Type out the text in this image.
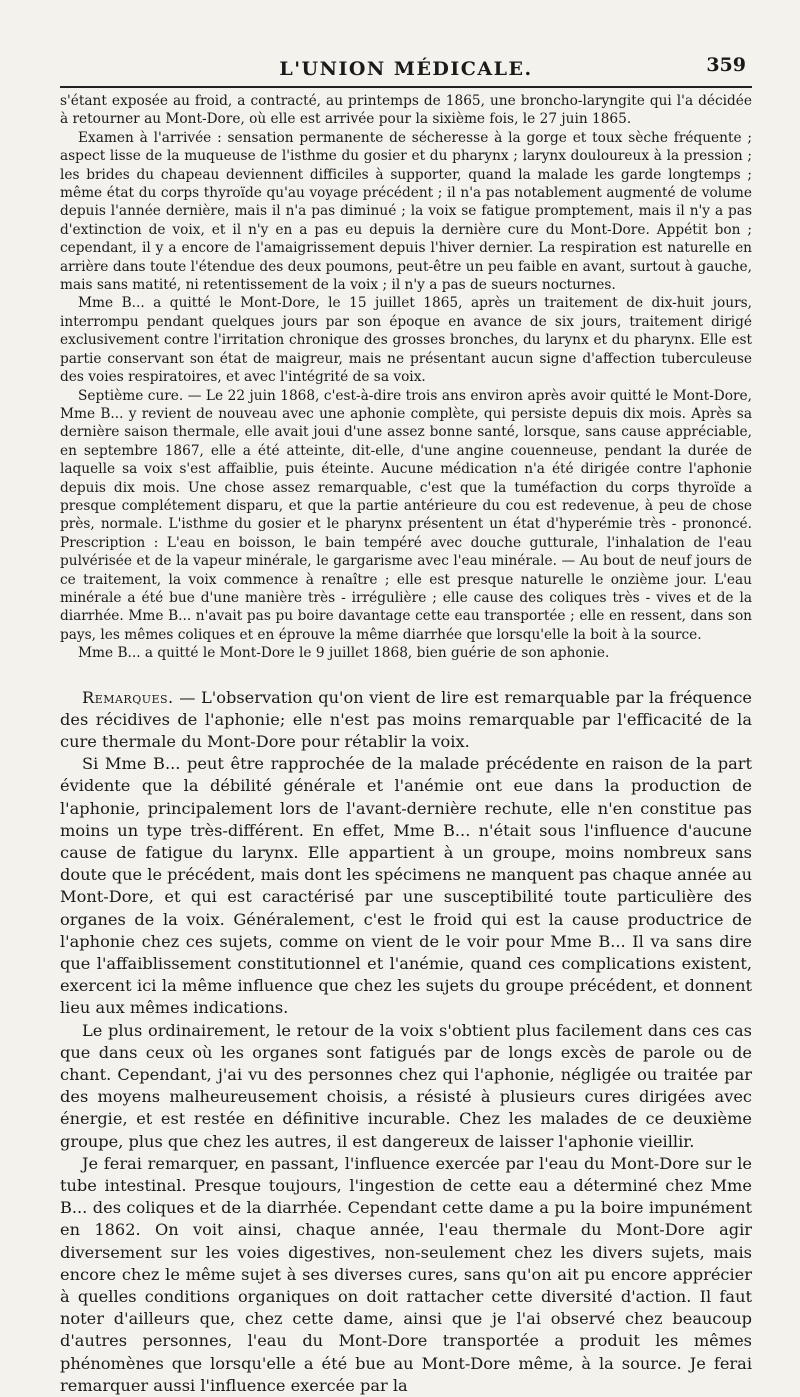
L'UNION MÉDICALE.	359

s'étant exposée au froid, a contracté, au printemps de 1865, une broncho-laryngite qui l'a décidée à retourner au Mont-Dore, où elle est arrivée pour la sixième fois, le 27 juin 1865.

Examen à l'arrivée : sensation permanente de sécheresse à la gorge et toux sèche fréquente ; aspect lisse de la muqueuse de l'isthme du gosier et du pharynx ; larynx douloureux à la pression ; les brides du chapeau deviennent difficiles à supporter, quand la malade les garde longtemps ; même état du corps thyroïde qu'au voyage précédent ; il n'a pas notablement augmenté de volume depuis l'année dernière, mais il n'a pas diminué ; la voix se fatigue promptement, mais il n'y a pas d'extinction de voix, et il n'y en a pas eu depuis la dernière cure du Mont-Dore. Appétit bon ; cependant, il y a encore de l'amaigrissement depuis l'hiver dernier. La respiration est naturelle en arrière dans toute l'étendue des deux poumons, peut-être un peu faible en avant, surtout à gauche, mais sans matité, ni retentissement de la voix ; il n'y a pas de sueurs nocturnes.

Mme B... a quitté le Mont-Dore, le 15 juillet 1865, après un traitement de dix-huit jours, interrompu pendant quelques jours par son époque en avance de six jours, traitement dirigé exclusivement contre l'irritation chronique des grosses bronches, du larynx et du pharynx. Elle est partie conservant son état de maigreur, mais ne présentant aucun signe d'affection tuberculeuse des voies respiratoires, et avec l'intégrité de sa voix.

Septième cure. — Le 22 juin 1868, c'est-à-dire trois ans environ après avoir quitté le Mont-Dore, Mme B... y revient de nouveau avec une aphonie complète, qui persiste depuis dix mois. Après sa dernière saison thermale, elle avait joui d'une assez bonne santé, lorsque, sans cause appréciable, en septembre 1867, elle a été atteinte, dit-elle, d'une angine couenneuse, pendant la durée de laquelle sa voix s'est affaiblie, puis éteinte. Aucune médication n'a été dirigée contre l'aphonie depuis dix mois. Une chose assez remarquable, c'est que la tuméfaction du corps thyroïde a presque complétement disparu, et que la partie antérieure du cou est redevenue, à peu de chose près, normale. L'isthme du gosier et le pharynx présentent un état d'hyperémie très - prononcé. Prescription : L'eau en boisson, le bain tempéré avec douche gutturale, l'inhalation de l'eau pulvérisée et de la vapeur minérale, le gargarisme avec l'eau minérale. — Au bout de neuf jours de ce traitement, la voix commence à renaître ; elle est presque naturelle le onzième jour. L'eau minérale a été bue d'une manière très - irrégulière ; elle cause des coliques très - vives et de la diarrhée. Mme B... n'avait pas pu boire davantage cette eau transportée ; elle en ressent, dans son pays, les mêmes coliques et en éprouve la même diarrhée que lorsqu'elle la boit à la source.

Mme B... a quitté le Mont-Dore le 9 juillet 1868, bien guérie de son aphonie.

Remarques. — L'observation qu'on vient de lire est remarquable par la fréquence des récidives de l'aphonie; elle n'est pas moins remarquable par l'efficacité de la cure thermale du Mont-Dore pour rétablir la voix.

Si Mme B... peut être rapprochée de la malade précédente en raison de la part évidente que la débilité générale et l'anémie ont eue dans la production de l'aphonie, principalement lors de l'avant-dernière rechute, elle n'en constitue pas moins un type très-différent. En effet, Mme B... n'était sous l'influence d'aucune cause de fatigue du larynx. Elle appartient à un groupe, moins nombreux sans doute que le précédent, mais dont les spécimens ne manquent pas chaque année au Mont-Dore, et qui est caractérisé par une susceptibilité toute particulière des organes de la voix. Généralement, c'est le froid qui est la cause productrice de l'aphonie chez ces sujets, comme on vient de le voir pour Mme B... Il va sans dire que l'affaiblissement constitutionnel et l'anémie, quand ces complications existent, exercent ici la même influence que chez les sujets du groupe précédent, et donnent lieu aux mêmes indications.

Le plus ordinairement, le retour de la voix s'obtient plus facilement dans ces cas que dans ceux où les organes sont fatigués par de longs excès de parole ou de chant. Cependant, j'ai vu des personnes chez qui l'aphonie, négligée ou traitée par des moyens malheureusement choisis, a résisté à plusieurs cures dirigées avec énergie, et est restée en définitive incurable. Chez les malades de ce deuxième groupe, plus que chez les autres, il est dangereux de laisser l'aphonie vieillir.

Je ferai remarquer, en passant, l'influence exercée par l'eau du Mont-Dore sur le tube intestinal. Presque toujours, l'ingestion de cette eau a déterminé chez Mme B... des coliques et de la diarrhée. Cependant cette dame a pu la boire impunément en 1862. On voit ainsi, chaque année, l'eau thermale du Mont-Dore agir diversement sur les voies digestives, non-seulement chez les divers sujets, mais encore chez le même sujet à ses diverses cures, sans qu'on ait pu encore apprécier à quelles conditions organiques on doit rattacher cette diversité d'action. Il faut noter d'ailleurs que, chez cette dame, ainsi que je l'ai observé chez beaucoup d'autres personnes, l'eau du Mont-Dore transportée a produit les mêmes phénomènes que lorsqu'elle a été bue au Mont-Dore même, à la source. Je ferai remarquer aussi l'influence exercée par la
